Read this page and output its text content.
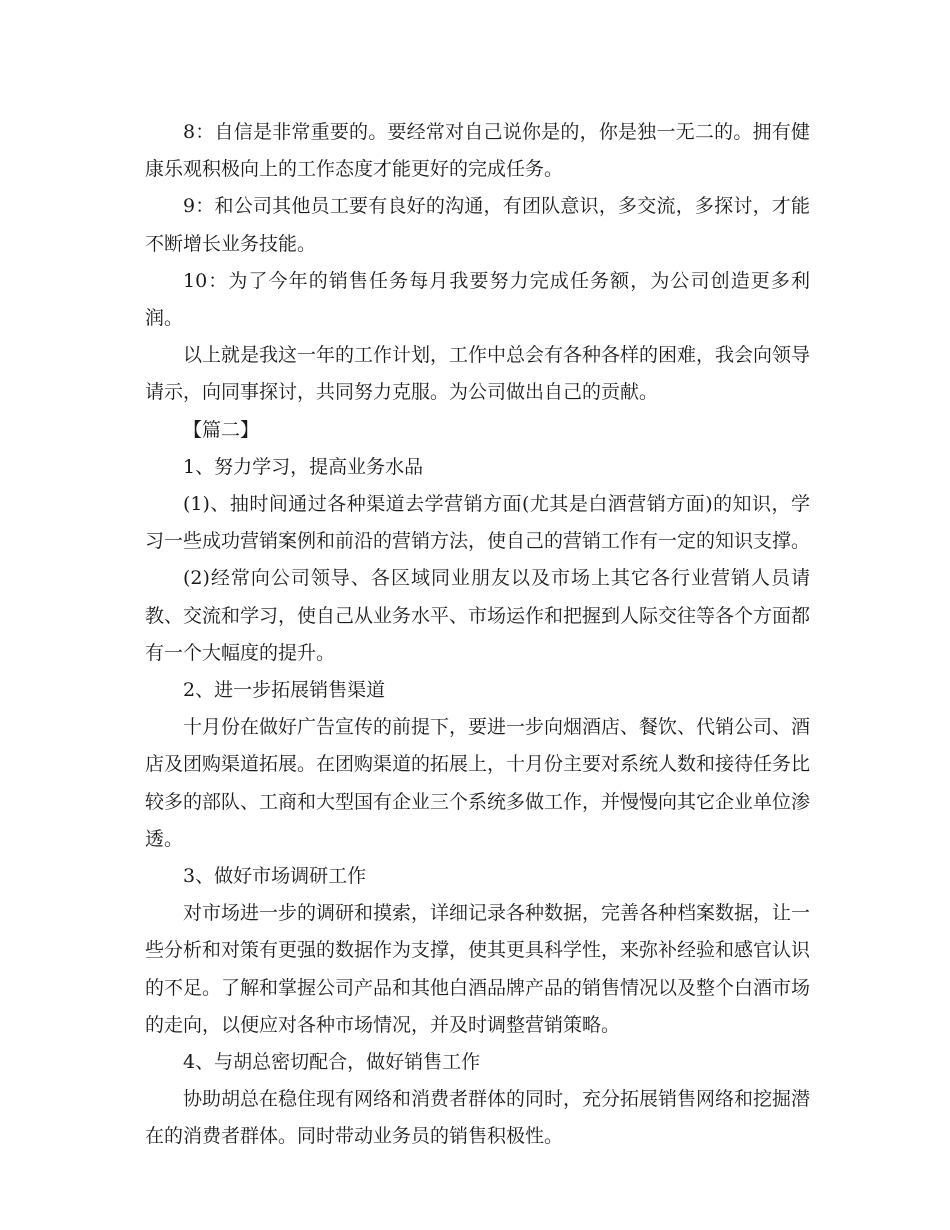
8：自信是非常重要的。要经常对自己说你是的，你是独一无二的。拥有健康乐观积极向上的工作态度才能更好的完成任务。

9：和公司其他员工要有良好的沟通，有团队意识，多交流，多探讨，才能不断增长业务技能。

10：为了今年的销售任务每月我要努力完成任务额，为公司创造更多利润。

以上就是我这一年的工作计划，工作中总会有各种各样的困难，我会向领导请示，向同事探讨，共同努力克服。为公司做出自己的贡献。

【篇二】

1、努力学习，提高业务水品

(1)、抽时间通过各种渠道去学营销方面(尤其是白酒营销方面)的知识，学习一些成功营销案例和前沿的营销方法，使自己的营销工作有一定的知识支撑。

(2)经常向公司领导、各区域同业朋友以及市场上其它各行业营销人员请教、交流和学习，使自己从业务水平、市场运作和把握到人际交往等各个方面都有一个大幅度的提升。

2、进一步拓展销售渠道

十月份在做好广告宣传的前提下，要进一步向烟酒店、餐饮、代销公司、酒店及团购渠道拓展。在团购渠道的拓展上，十月份主要对系统人数和接待任务比较多的部队、工商和大型国有企业三个系统多做工作，并慢慢向其它企业单位渗透。

3、做好市场调研工作

对市场进一步的调研和摸索，详细记录各种数据，完善各种档案数据，让一些分析和对策有更强的数据作为支撑，使其更具科学性，来弥补经验和感官认识的不足。了解和掌握公司产品和其他白酒品牌产品的销售情况以及整个白酒市场的走向，以便应对各种市场情况，并及时调整营销策略。

4、与胡总密切配合，做好销售工作

协助胡总在稳住现有网络和消费者群体的同时，充分拓展销售网络和挖掘潜在的消费者群体。同时带动业务员的销售积极性。
